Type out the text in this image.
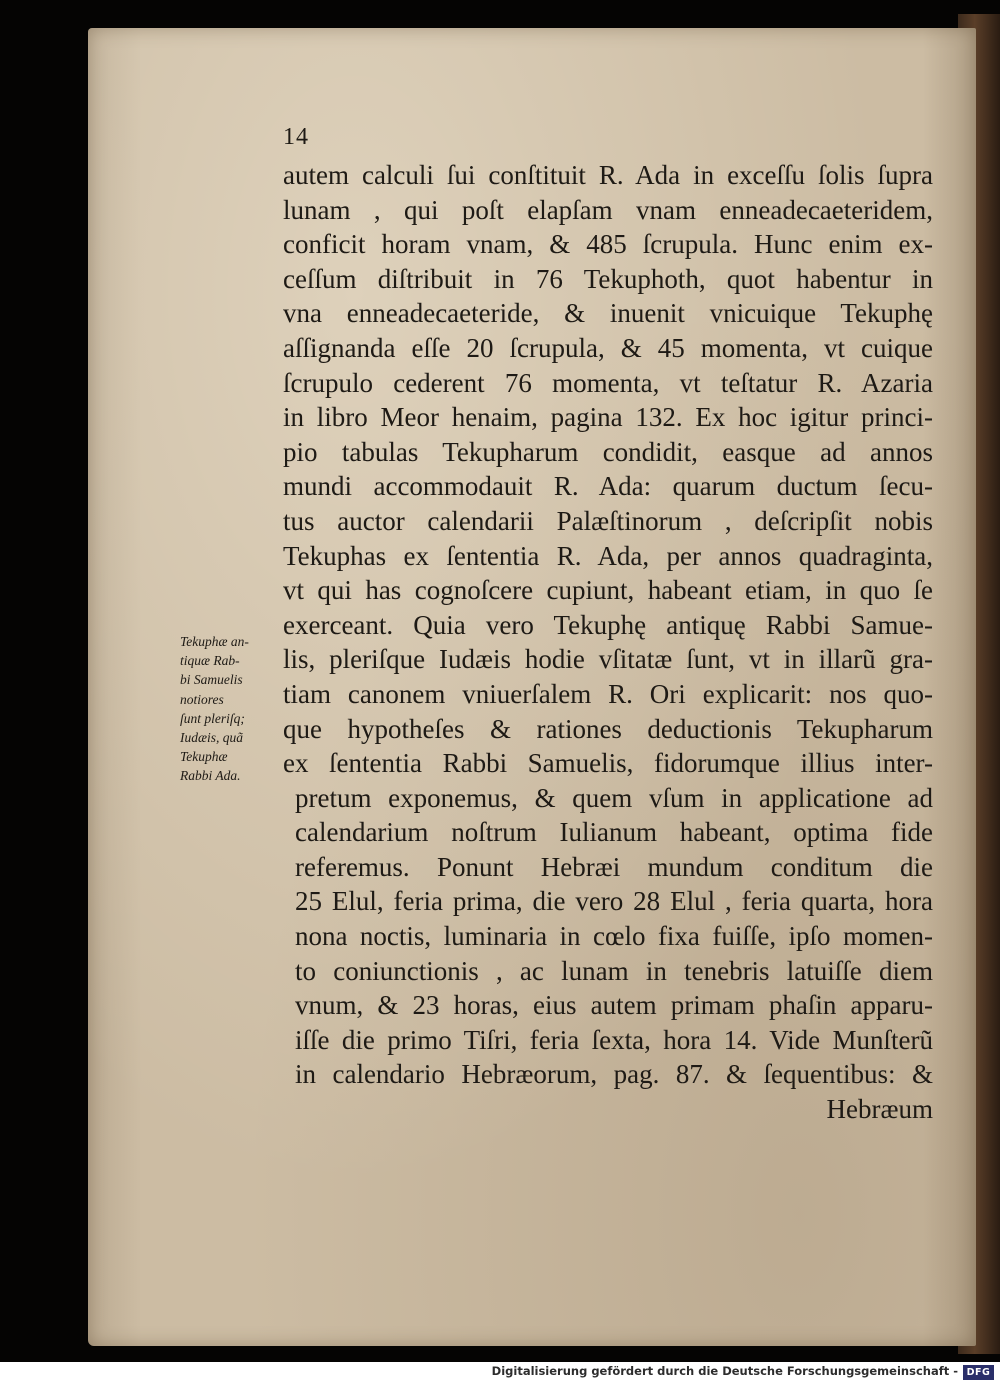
14
autem calculi ſui conſtituit R. Ada in exceſſu ſolis ſupra
lunam , qui poſt elapſam vnam enneadecaeteridem,
conficit horam vnam, & 485 ſcrupula. Hunc enim ex-
ceſſum diſtribuit in 76 Tekuphoth, quot habentur in
vna enneadecaeteride, & inuenit vnicuique Tekuphę
aſſignanda eſſe 20 ſcrupula, & 45 momenta, vt cuique
ſcrupulo cederent 76 momenta, vt teſtatur R. Azaria
in libro Meor henaim, pagina 132. Ex hoc igitur princi-
pio tabulas Tekupharum condidit, easque ad annos
mundi accommodauit R. Ada: quarum ductum ſecu-
tus auctor calendarii Palæſtinorum , deſcripſit nobis
Tekuphas ex ſententia R. Ada, per annos quadraginta,
vt qui has cognoſcere cupiunt, habeant etiam, in quo ſe
exerceant. Quia vero Tekuphę antiquę Rabbi Samue-
lis, pleriſque Iudæis hodie vſitatæ ſunt, vt in illarũ gra-
tiam canonem vniuerſalem R. Ori explicarit: nos quo-
que hypotheſes & rationes deductionis Tekupharum
ex ſententia Rabbi Samuelis, fidorumque illius inter-
pretum exponemus, & quem vſum in applicatione ad
calendarium noſtrum Iulianum habeant, optima fide
referemus. Ponunt Hebræi mundum conditum die
25 Elul, feria prima, die vero 28 Elul , feria quarta, hora
nona noctis, luminaria in cœlo fixa fuiſſe, ipſo momen-
to coniunctionis , ac lunam in tenebris latuiſſe diem
vnum, & 23 horas, eius autem primam phaſin apparu-
iſſe die primo Tiſri, feria ſexta, hora 14. Vide Munſterũ
in calendario Hebræorum, pag. 87. & ſequentibus: &
Hebræum
Tekuphæ an-
tiquæ Rab-
bi Samuelis
notiores
ſunt pleriſq;
Iudæis, quã
Tekuphæ
Rabbi Ada.
Digitalisierung gefördert durch die Deutsche Forschungsgemeinschaft - DFG
